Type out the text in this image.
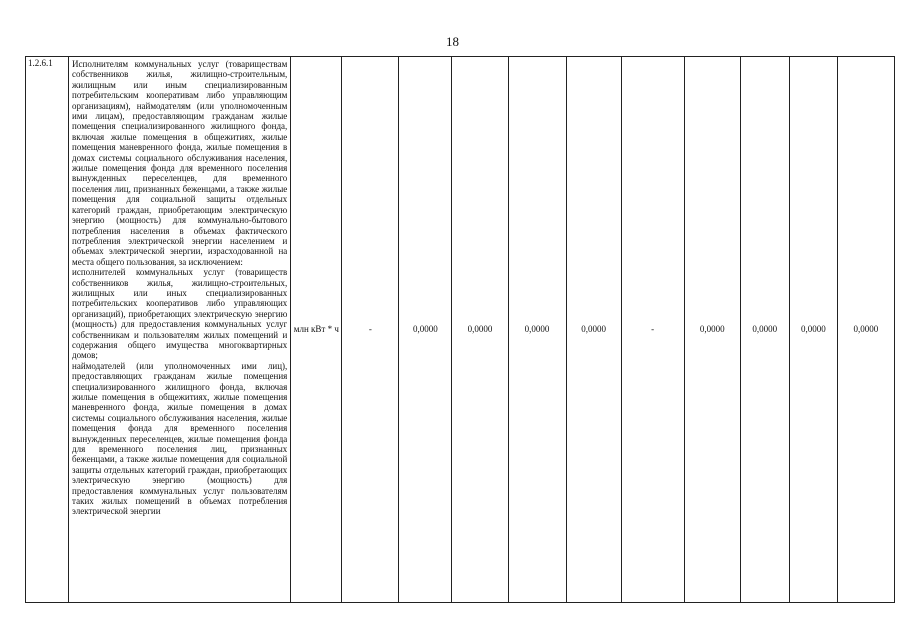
18
1.2.6.1	Исполнителям коммунальных услуг (товариществам собственников жилья, жилищно-строительным, жилищным или иным специализированным потребительским кооперативам либо управляющим организациям), наймодателям (или уполномоченным ими лицам), предоставляющим гражданам жилые помещения специализированного жилищного фонда, включая жилые помещения в общежитиях, жилые помещения маневренного фонда, жилые помещения в домах системы социального обслуживания населения, жилые помещения фонда для временного поселения вынужденных переселенцев, для временного поселения лиц, признанных беженцами, а также жилые помещения для социальной защиты отдельных категорий граждан, приобретающим электрическую энергию (мощность) для коммунально-бытового потребления населения в объемах фактического потребления электрической энергии населением и объемах электрической энергии, израсходованной на места общего пользования, за исключением:

исполнителей коммунальных услуг (товариществ собственников жилья, жилищно-строительных, жилищных или иных специализированных потребительских кооперативов либо управляющих организаций), приобретающих электрическую энергию (мощность) для предоставления коммунальных услуг собственникам и пользователям жилых помещений и содержания общего имущества многоквартирных домов;

наймодателей (или уполномоченных ими лиц), предоставляющих гражданам жилые помещения специализированного жилищного фонда, включая жилые помещения в общежитиях, жилые помещения маневренного фонда, жилые помещения в домах системы социального обслуживания населения, жилые помещения фонда для временного поселения вынужденных переселенцев, жилые помещения фонда для временного поселения лиц, признанных беженцами, а также жилые помещения для социальной защиты отдельных категорий граждан, приобретающих электрическую энергию (мощность) для предоставления коммунальных услуг пользователям таких жилых помещений в объемах потребления электрической энергии

	млн кВт * ч	-	0,0000	0,0000	0,0000	0,0000	-	0,0000	0,0000	0,0000	0,0000
